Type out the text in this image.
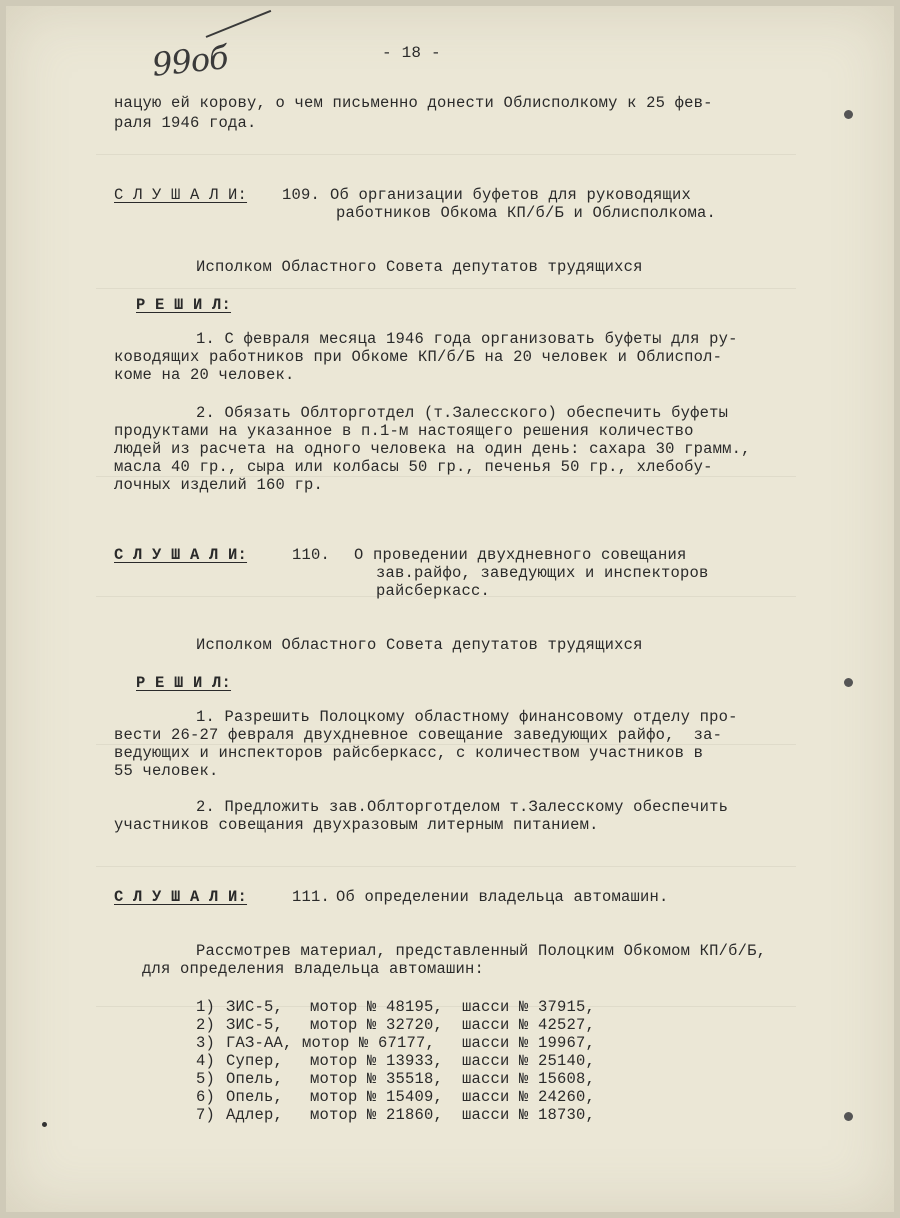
99об	- 18 -
нацую ей корову, о чем письменно донести Облисполкому к 25 фев-
раля 1946 года.
С Л У Ш А Л И: 109. Об организации буфетов для руководящих
работников Обкома КП/б/Б и Облисполкома.
Исполком Областного Совета депутатов трудящихся
Р Е Ш И Л:
1. С февраля месяца 1946 года организовать буфеты для ру-
ководящих работников при Обкоме КП/б/Б на 20 человек и Облиспол-
коме на 20 человек.
2. Обязать Облторготдел (т.Залесского) обеспечить буфеты
продуктами на указанное в п.1-м настоящего решения количество
людей из расчета на одного человека на один день: сахара 30 грамм.,
масла 40 гр., сыра или колбасы 50 гр., печенья 50 гр., хлебобу-
лочных изделий 160 гр.
С Л У Ш А Л И:	110. О проведении двухдневного совещания
зав.райфо, заведующих и инспекторов
райсберкасс.
Исполком Областного Совета депутатов трудящихся
Р Е Ш И Л:
1. Разрешить Полоцкому областному финансовому отделу про-
вести 26-27 февраля двухдневное совещание заведующих райфо,  за-
ведующих и инспекторов райсберкасс, с количеством участников в
55 человек.
2. Предложить зав.Облторготделом т.Залесскому обеспечить
участников совещания двухразовым литерным питанием.
С Л У Ш А Л И:	111. Об определении владельца автомашин.
Рассмотрев материал, представленный Полоцким Обкомом КП/б/Б,
для определения владельца автомашин:
1) ЗИС-5, мотор № 48195, шасси № 37915,
2) ЗИС-5, мотор № 32720, шасси № 42527,
3) ГАЗ-АА, мотор № 67177, шасси № 19967,
4) Супер, мотор № 13933, шасси № 25140,
5) Опель, мотор № 35518, шасси № 15608,
6) Опель, мотор № 15409, шасси № 24260,
7) Адлер, мотор № 21860, шасси № 18730,
